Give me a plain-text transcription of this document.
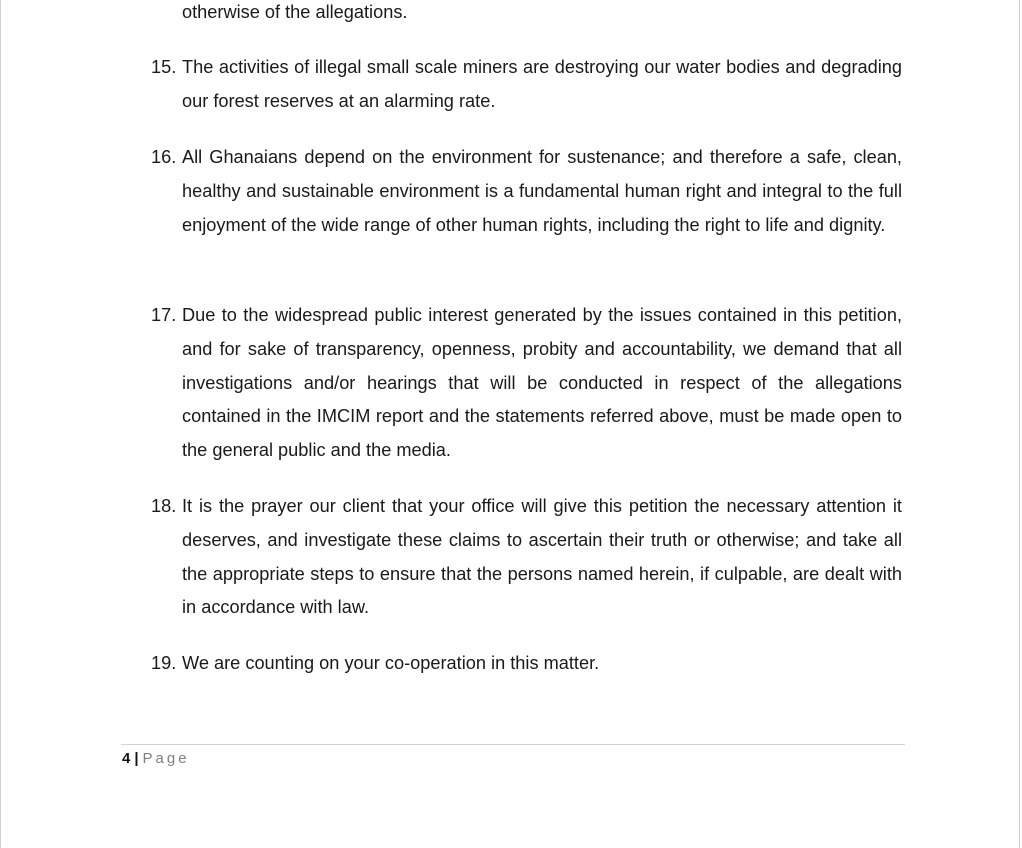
otherwise of the allegations.

15. The activities of illegal small scale miners are destroying our water bodies and degrading our forest reserves at an alarming rate.
16. All Ghanaians depend on the environment for sustenance; and therefore a safe, clean, healthy and sustainable environment is a fundamental human right and integral to the full enjoyment of the wide range of other human rights, including the right to life and dignity.
17. Due to the widespread public interest generated by the issues contained in this petition, and for sake of transparency, openness, probity and accountability, we demand that all investigations and/or hearings that will be conducted in respect of the allegations contained in the IMCIM report and the statements referred above, must be made open to the general public and the media.
18. It is the prayer our client that your office will give this petition the necessary attention it deserves, and investigate these claims to ascertain their truth or otherwise; and take all the appropriate steps to ensure that the persons named herein, if culpable, are dealt with in accordance with law.
19. We are counting on your co-operation in this matter.
4 | Page
